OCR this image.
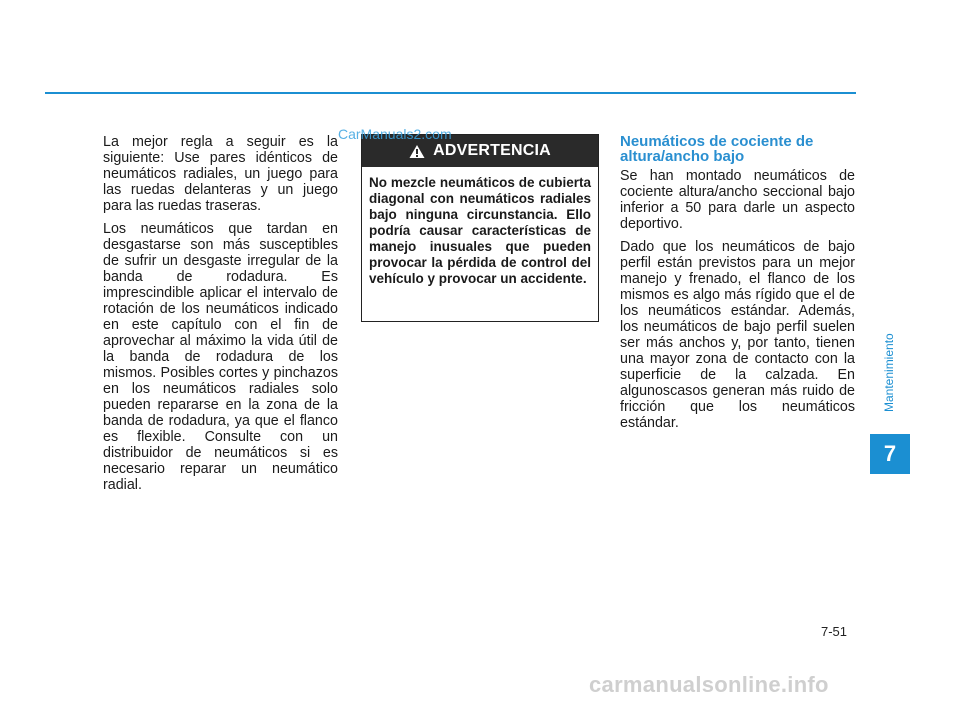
La mejor regla a seguir es la siguiente: Use pares idénticos de neumáticos radiales, un juego para las ruedas delanteras y un juego para las ruedas traseras.

Los neumáticos que tardan en desgastarse son más susceptibles de sufrir un desgaste irregular de la banda de rodadura. Es imprescindible aplicar el intervalo de rotación de los neumáticos indicado en este capítulo con el fin de aprovechar al máximo la vida útil de la banda de rodadura de los mismos. Posibles cortes y pinchazos en los neumáticos radiales solo pueden repararse en la zona de la banda de rodadura, ya que el flanco es flexible. Consulte con un distribuidor de neumáticos si es necesario reparar un neumático radial.

ADVERTENCIA
No mezcle neumáticos de cubierta diagonal con neumáticos radiales bajo ninguna circunstancia. Ello podría causar características de manejo inusuales que pueden provocar la pérdida de control del vehículo y provocar un accidente.
CarManuals2.com	Neumáticos de cociente de altura/ancho bajo

Se han montado neumáticos de cociente altura/ancho seccional bajo inferior a 50 para darle un aspecto deportivo.

Dado que los neumáticos de bajo perfil están previstos para un mejor manejo y frenado, el flanco de los mismos es algo más rígido que el de los neumáticos estándar. Además, los neumáticos de bajo perfil suelen ser más anchos y, por tanto, tienen una mayor zona de contacto con la superficie de la calzada. En algunoscasos generan más ruido de fricción que los neumáticos estándar.

Mantenimiento
7
7-51
carmanualsonline.info
